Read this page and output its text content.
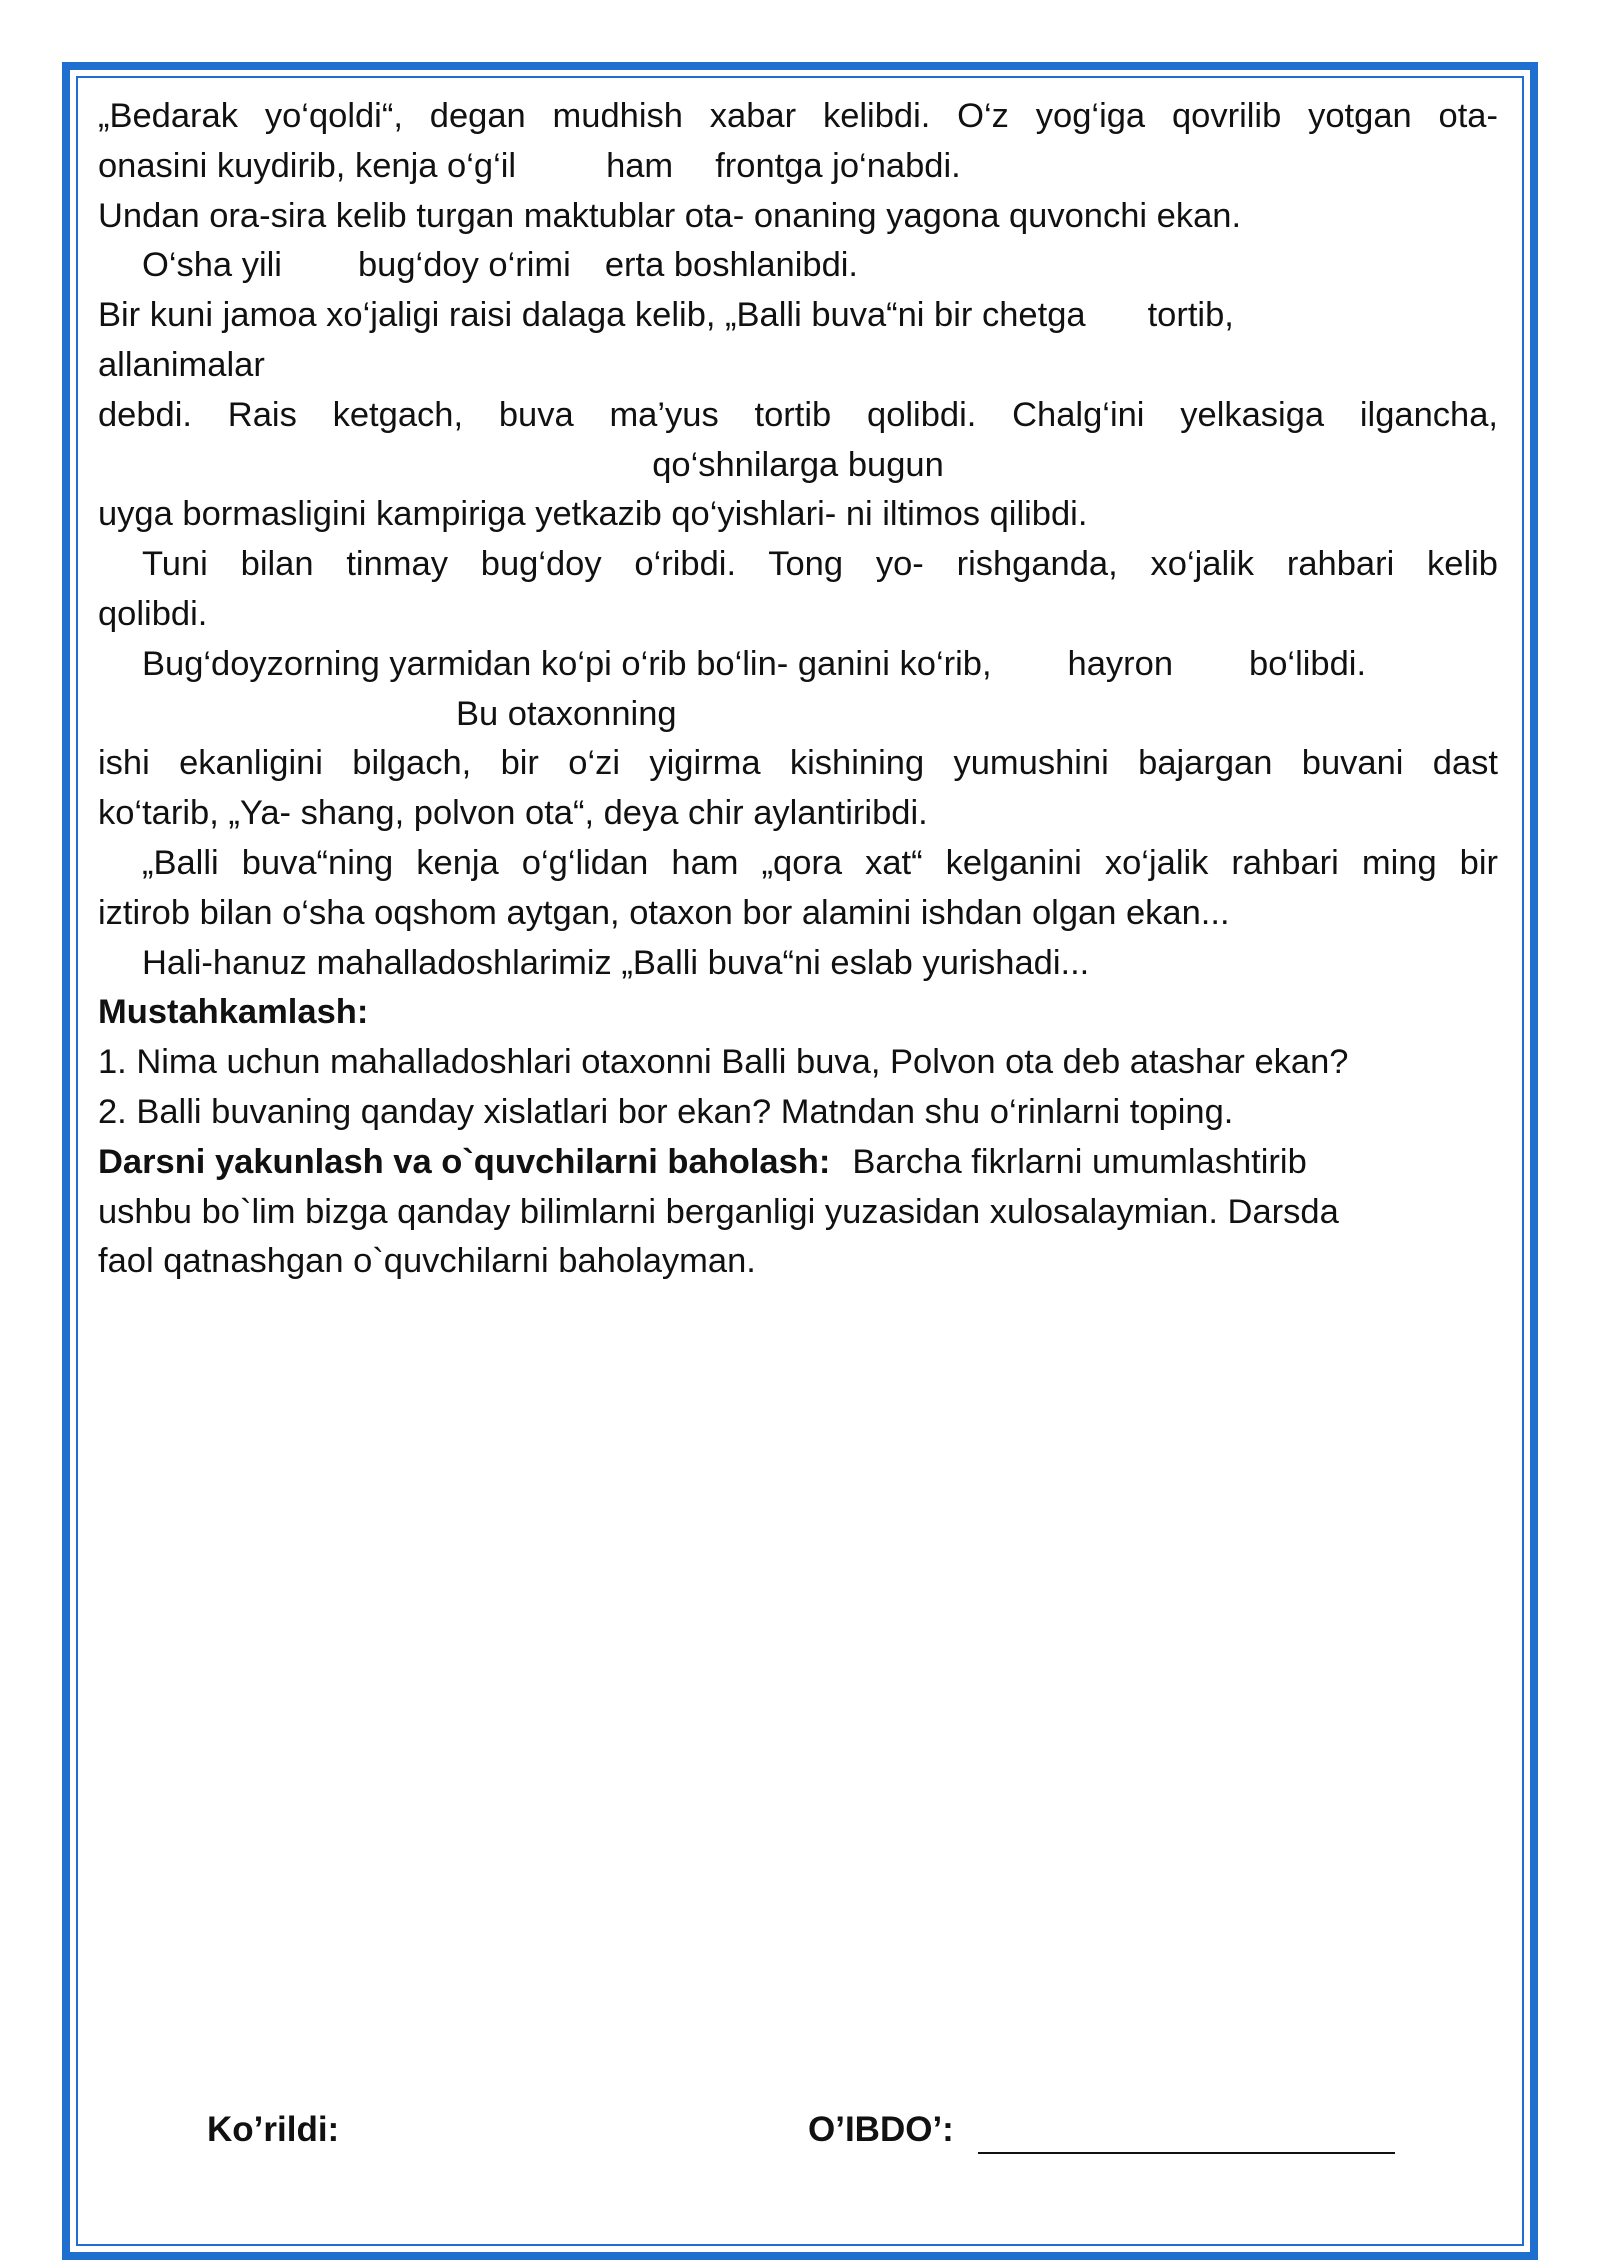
„Bedarak yo‘qoldi“, degan mudhish xabar kelibdi. O‘z yog‘iga qovrilib yotgan ota-

onasini kuydirib, kenja o‘g‘il	ham frontga jo‘nabdi.

Undan ora-sira kelib turgan maktublar ota- onaning yagona quvonchi ekan.

O‘sha yili bug‘doy o‘rimi erta boshlanibdi.

Bir kuni jamoa xo‘jaligi raisi dalaga kelib, „Balli buva“ni bir chetga tortib,

allanimalar

debdi. Rais ketgach, buva ma’yus tortib qolibdi. Chalg‘ini yelkasiga ilgancha,

qo‘shnilarga bugun

uyga bormasligini kampiriga yetkazib qo‘yishlari- ni iltimos qilibdi.

Tuni bilan tinmay bug‘doy o‘ribdi. Tong yo- rishganda, xo‘jalik rahbari kelib

qolibdi.

Bug‘doyzorning yarmidan ko‘pi o‘rib bo‘lin- ganini ko‘rib, hayron bo‘libdi.

Bu otaxonning

ishi ekanligini bilgach, bir o‘zi yigirma kishining yumushini bajargan buvani dast

ko‘tarib, „Ya- shang, polvon ota“, deya chir aylantiribdi.

„Balli buva“ning kenja o‘g‘lidan ham „qora xat“ kelganini xo‘jalik rahbari ming bir

iztirob bilan o‘sha oqshom aytgan, otaxon bor alamini ishdan olgan ekan...

Hali-hanuz mahalladoshlarimiz „Balli buva“ni eslab yurishadi...

Mustahkamlash:

1. Nima uchun mahalladoshlari otaxonni Balli buva, Polvon ota deb atashar ekan?

2. Balli buvaning qanday xislatlari bor ekan? Matndan shu o‘rinlarni toping.

Darsni yakunlash va o`quvchilarni baholash: Barcha fikrlarni umumlashtirib

ushbu bo`lim bizga qanday bilimlarni berganligi yuzasidan xulosalaymian. Darsda

faol qatnashgan o`quvchilarni baholayman.

Ko’rildi:	O’IBDO’:
